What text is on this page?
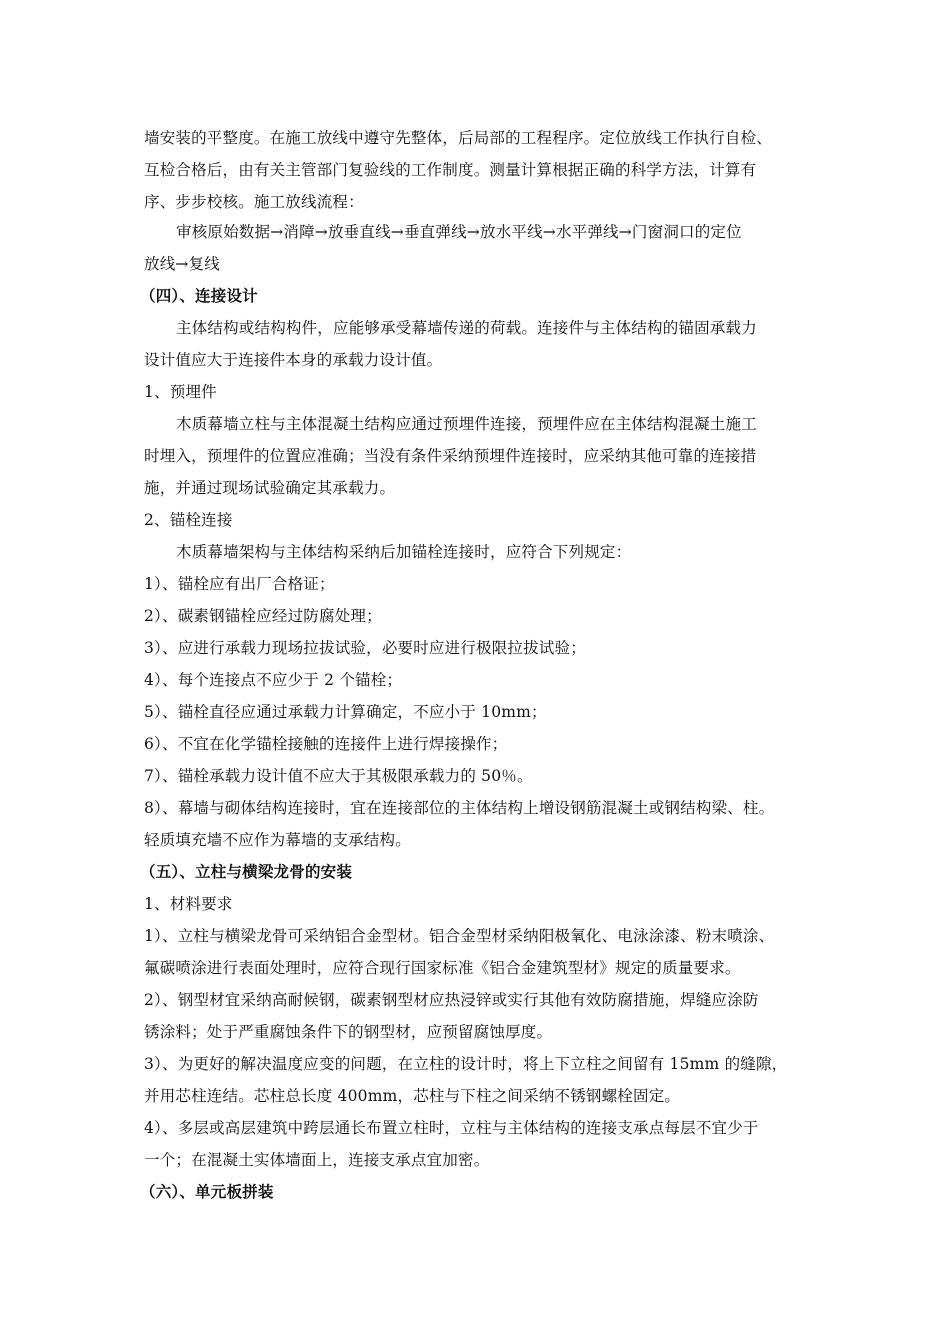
墙安装的平整度。在施工放线中遵守先整体，后局部的工程程序。定位放线工作执行自检、
互检合格后，由有关主管部门复验线的工作制度。测量计算根据正确的科学方法，计算有
序、步步校核。施工放线流程：
审核原始数据→消障→放垂直线→垂直弹线→放水平线→水平弹线→门窗洞口的定位
放线→复线
（四）、连接设计
主体结构或结构构件，应能够承受幕墙传递的荷载。连接件与主体结构的锚固承载力
设计值应大于连接件本身的承载力设计值。
1、预埋件
木质幕墙立柱与主体混凝土结构应通过预埋件连接，预埋件应在主体结构混凝土施工
时埋入，预埋件的位置应准确；当没有条件采纳预埋件连接时，应采纳其他可靠的连接措
施，并通过现场试验确定其承载力。
2、锚栓连接
木质幕墙架构与主体结构采纳后加锚栓连接时，应符合下列规定：
1）、锚栓应有出厂合格证；
2）、碳素钢锚栓应经过防腐处理；
3）、应进行承载力现场拉拔试验，必要时应进行极限拉拔试验；
4）、每个连接点不应少于 2 个锚栓；
5）、锚栓直径应通过承载力计算确定，不应小于 10mm；
6）、不宜在化学锚栓接触的连接件上进行焊接操作；
7）、锚栓承载力设计值不应大于其极限承载力的 50％。
8）、幕墙与砌体结构连接时，宜在连接部位的主体结构上增设钢筋混凝土或钢结构梁、柱。
轻质填充墙不应作为幕墙的支承结构。
（五）、立柱与横梁龙骨的安装
1、材料要求
1）、立柱与横梁龙骨可采纳铝合金型材。铝合金型材采纳阳极氧化、电泳涂漆、粉末喷涂、
氟碳喷涂进行表面处理时，应符合现行国家标准《铝合金建筑型材》规定的质量要求。
2）、钢型材宜采纳高耐候钢，碳素钢型材应热浸锌或实行其他有效防腐措施，焊缝应涂防
锈涂料；处于严重腐蚀条件下的钢型材，应预留腐蚀厚度。
3）、为更好的解决温度应变的问题，在立柱的设计时，将上下立柱之间留有 15mm 的缝隙，
并用芯柱连结。芯柱总长度 400mm，芯柱与下柱之间采纳不锈钢螺栓固定。
4）、多层或高层建筑中跨层通长布置立柱时，立柱与主体结构的连接支承点每层不宜少于
一个；在混凝土实体墙面上，连接支承点宜加密。
（六）、单元板拼装
